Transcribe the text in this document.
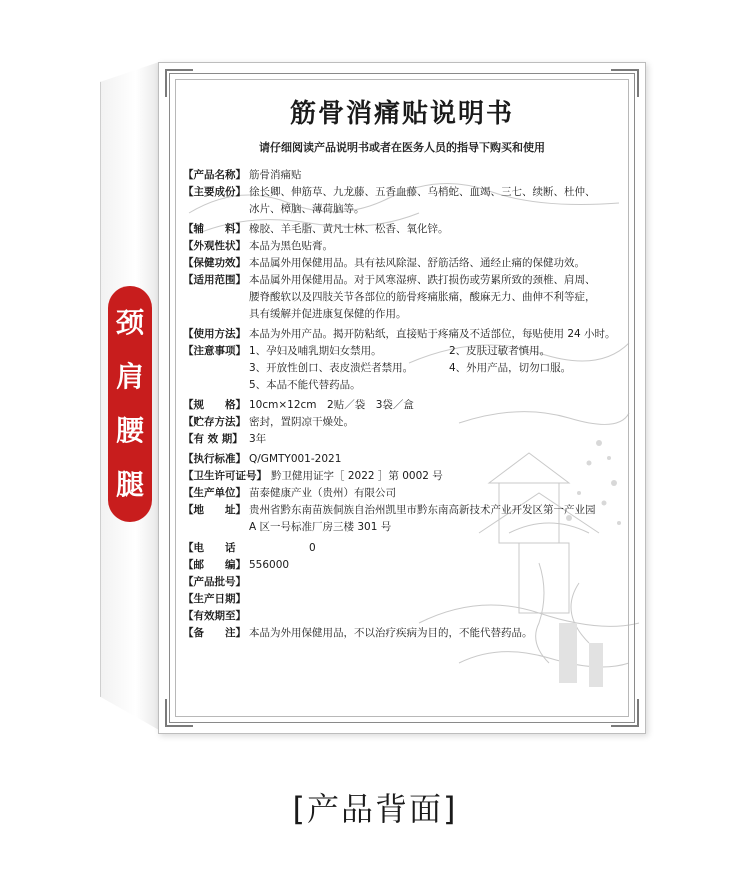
颈
肩
腰
腿
筋骨消痛贴说明书
请仔细阅读产品说明书或者在医务人员的指导下购买和使用
【产品名称】 筋骨消痛贴
【主要成份】 徐长卿、伸筋草、九龙藤、五香血藤、乌梢蛇、血竭、三七、续断、杜仲、
冰片、樟脑、薄荷脑等。
【辅　　料】 橡胶、羊毛脂、黄凡士林、松香、氧化锌。
【外观性状】 本品为黑色贴膏。
【保健功效】 本品属外用保健用品。具有祛风除湿、舒筋活络、通经止痛的保健功效。
【适用范围】 本品属外用保健用品。对于风寒湿痹、跌打损伤或劳累所致的颈椎、肩周、
腰脊酸软以及四肢关节各部位的筋骨疼痛胀痛，酸麻无力、曲伸不利等症，
具有缓解并促进康复保健的作用。
【使用方法】 本品为外用产品。揭开防粘纸，直接贴于疼痛及不适部位，每贴使用 24 小时。
【注意事项】 1、孕妇及哺乳期妇女禁用。	2、皮肤过敏者慎用。
3、开放性创口、表皮溃烂者禁用。	4、外用产品，切勿口服。
5、本品不能代替药品。
【规　　格】 10cm×12cm　2贴／袋　3袋／盒
【贮存方法】 密封，置阴凉干燥处。
【有 效 期】 3年
【执行标准】 Q/GMTY001-2021
【卫生许可证号】 黔卫健用证字［ 2022 ］第 0002 号
【生产单位】 苗泰健康产业（贵州）有限公司
【地　　址】 贵州省黔东南苗族侗族自治州凯里市黔东南高新技术产业开发区第一产业园
A 区一号标准厂房三楼 301 号
【电　　话	0
【邮　　编】 556000
【产品批号】
【生产日期】
【有效期至】
【备　　注】 本品为外用保健用品，不以治疗疾病为目的，不能代替药品。
[产品背面]
